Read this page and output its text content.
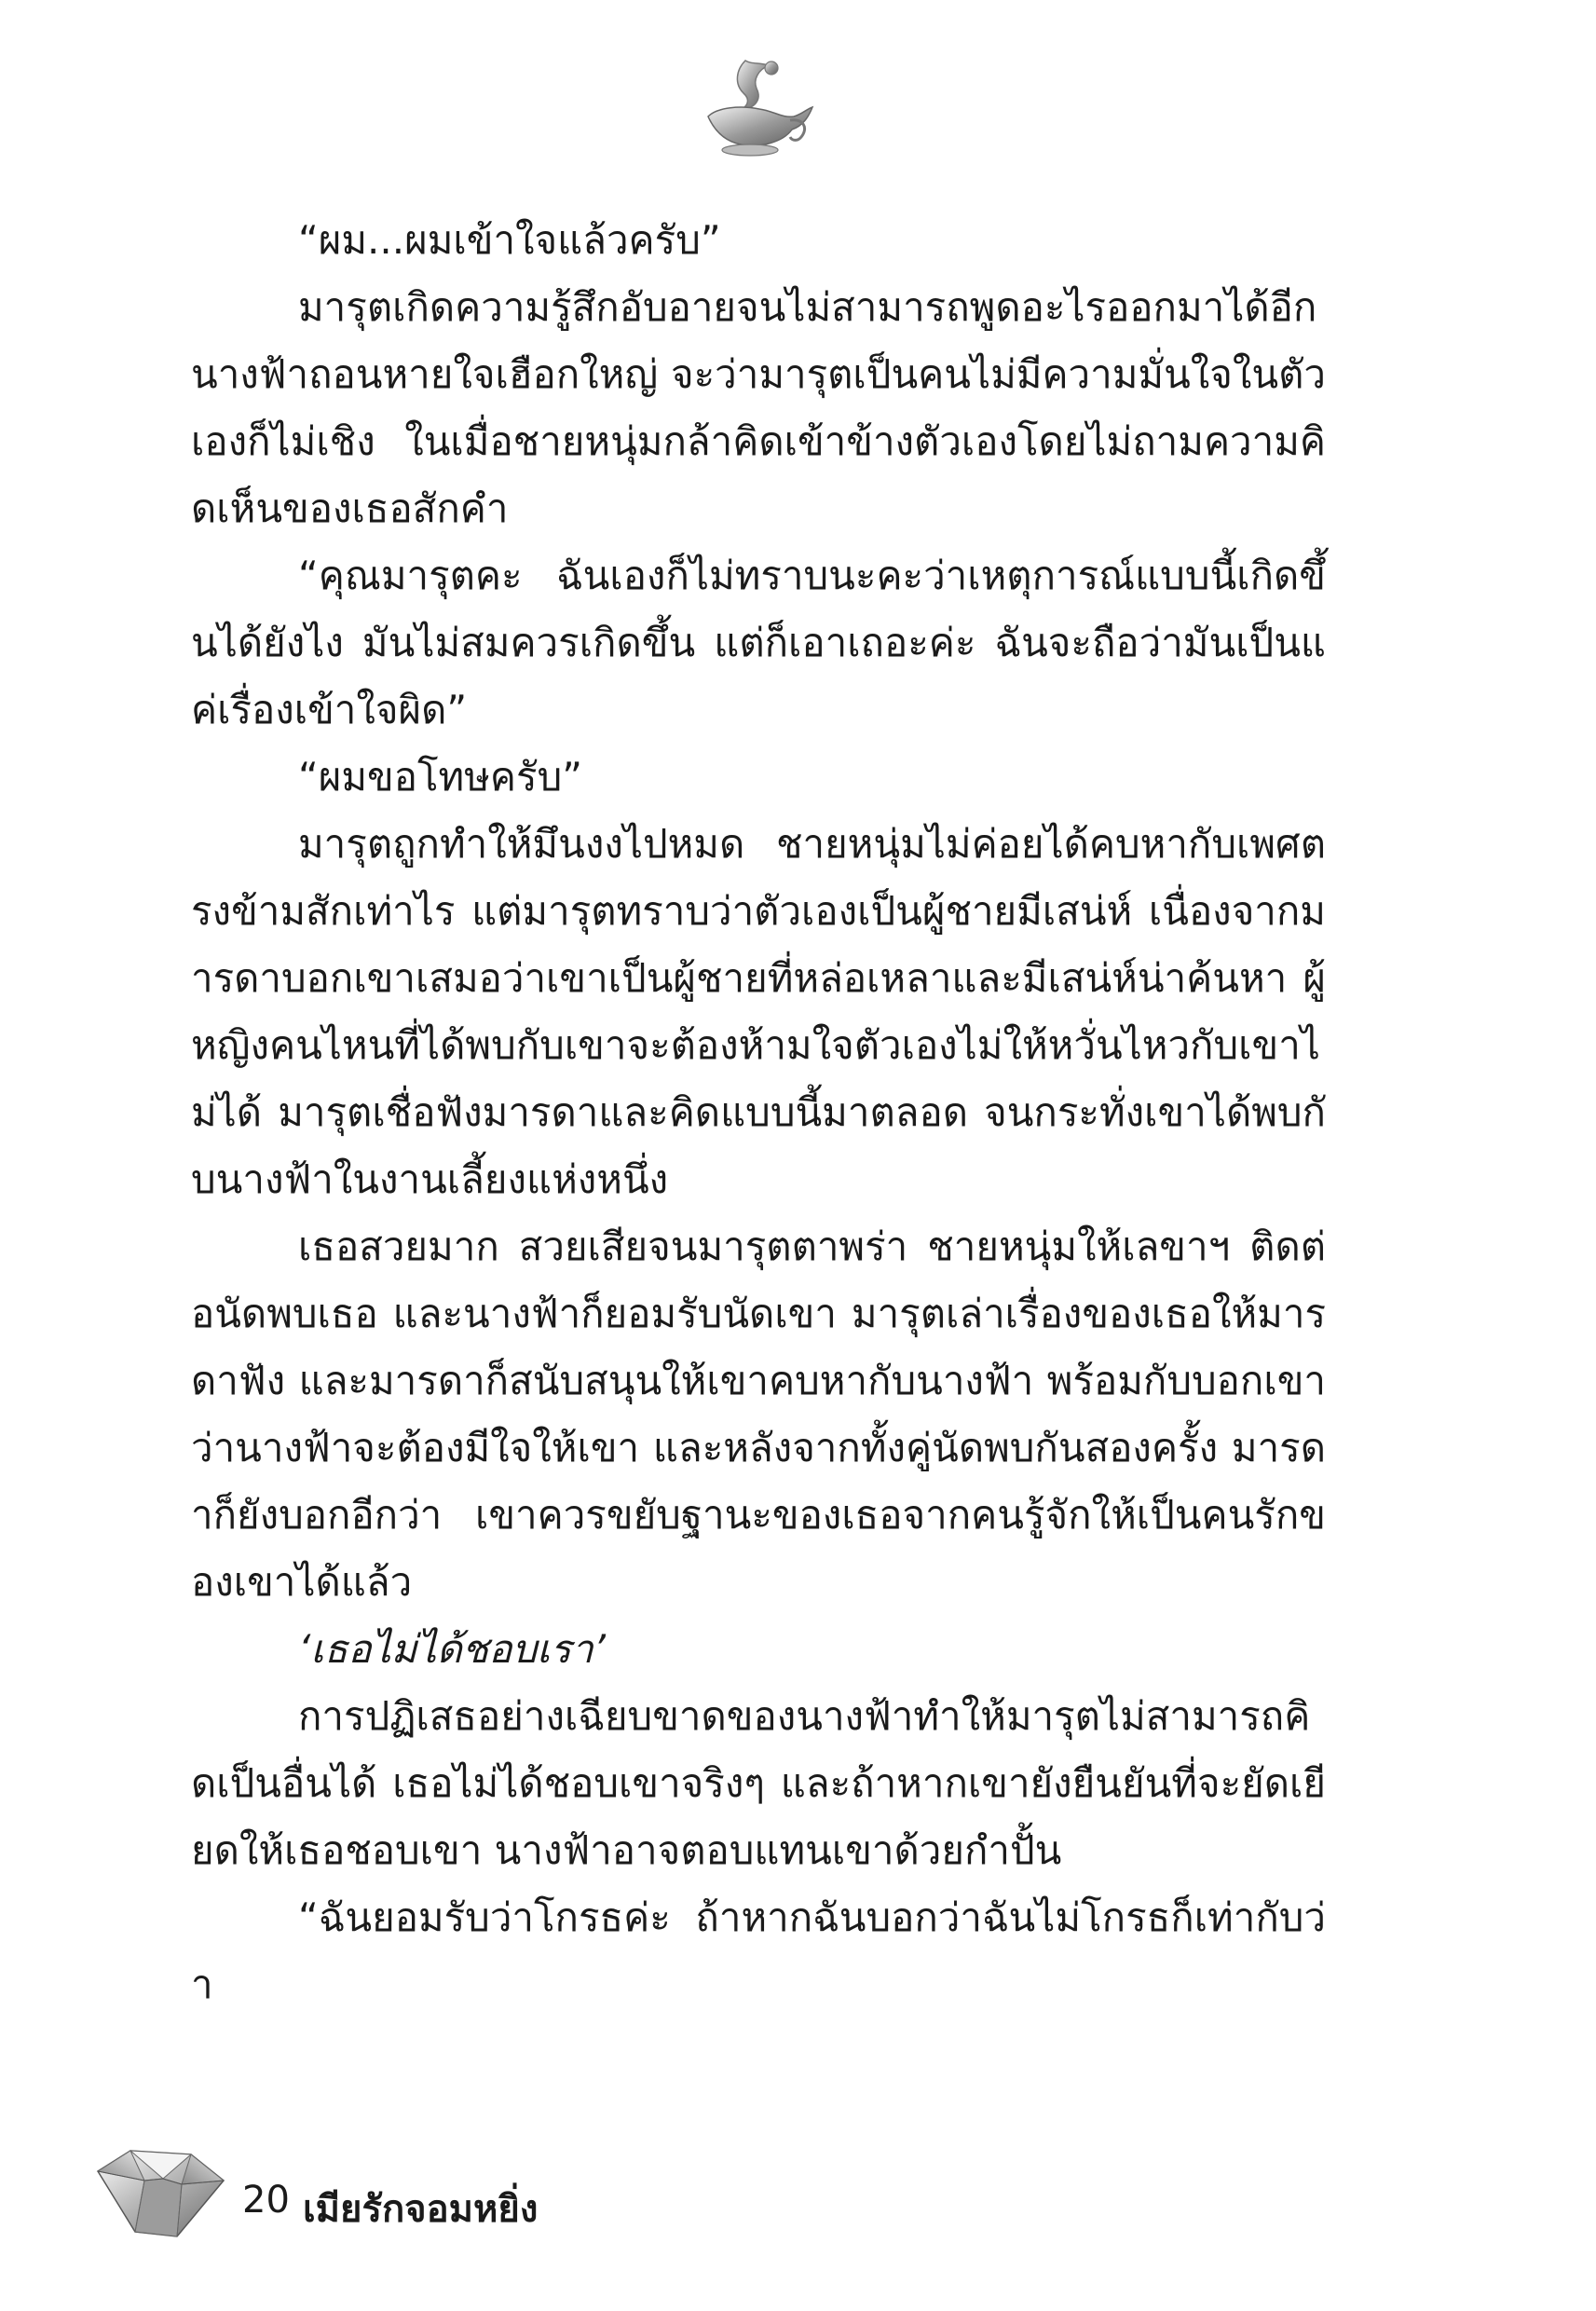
“ผม...ผมเข้าใจแล้วครับ”

มารุตเกิดความรู้สึกอับอายจนไม่สามารถพูดอะไรออกมาได้อีก นางฟ้าถอนหายใจเฮือกใหญ่ จะว่ามารุตเป็นคนไม่มีความมั่นใจในตัวเองก็ไม่เชิง ในเมื่อชายหนุ่มกล้าคิดเข้าข้างตัวเองโดยไม่ถามความคิดเห็นของเธอสักคำ

“คุณมารุตคะ ฉันเองก็ไม่ทราบนะคะว่าเหตุการณ์แบบนี้เกิดขึ้นได้ยังไง มันไม่สมควรเกิดขึ้น แต่ก็เอาเถอะค่ะ ฉันจะถือว่ามันเป็นแค่เรื่องเข้าใจผิด”

“ผมขอโทษครับ”

มารุตถูกทำให้มึนงงไปหมด ชายหนุ่มไม่ค่อยได้คบหากับเพศตรงข้ามสักเท่าไร แต่มารุตทราบว่าตัวเองเป็นผู้ชายมีเสน่ห์ เนื่องจากมารดาบอกเขาเสมอว่าเขาเป็นผู้ชายที่หล่อเหลาและมีเสน่ห์น่าค้นหา ผู้หญิงคนไหนที่ได้พบกับเขาจะต้องห้ามใจตัวเองไม่ให้หวั่นไหวกับเขาไม่ได้ มารุตเชื่อฟังมารดาและคิดแบบนี้มาตลอด จนกระทั่งเขาได้พบกับนางฟ้าในงานเลี้ยงแห่งหนึ่ง

เธอสวยมาก สวยเสียจนมารุตตาพร่า ชายหนุ่มให้เลขาฯ ติดต่อนัดพบเธอ และนางฟ้าก็ยอมรับนัดเขา มารุตเล่าเรื่องของเธอให้มารดาฟัง และมารดาก็สนับสนุนให้เขาคบหากับนางฟ้า พร้อมกับบอกเขาว่านางฟ้าจะต้องมีใจให้เขา และหลังจากทั้งคู่นัดพบกันสองครั้ง มารดาก็ยังบอกอีกว่า เขาควรขยับฐานะของเธอจากคนรู้จักให้เป็นคนรักของเขาได้แล้ว

‘เธอไม่ได้ชอบเรา’

การปฏิเสธอย่างเฉียบขาดของนางฟ้าทำให้มารุตไม่สามารถคิดเป็นอื่นได้ เธอไม่ได้ชอบเขาจริงๆ และถ้าหากเขายังยืนยันที่จะยัดเยียดให้เธอชอบเขา นางฟ้าอาจตอบแทนเขาด้วยกำปั้น

“ฉันยอมรับว่าโกรธค่ะ ถ้าหากฉันบอกว่าฉันไม่โกรธก็เท่ากับว่า

20 เมียรักจอมหยิ่ง
